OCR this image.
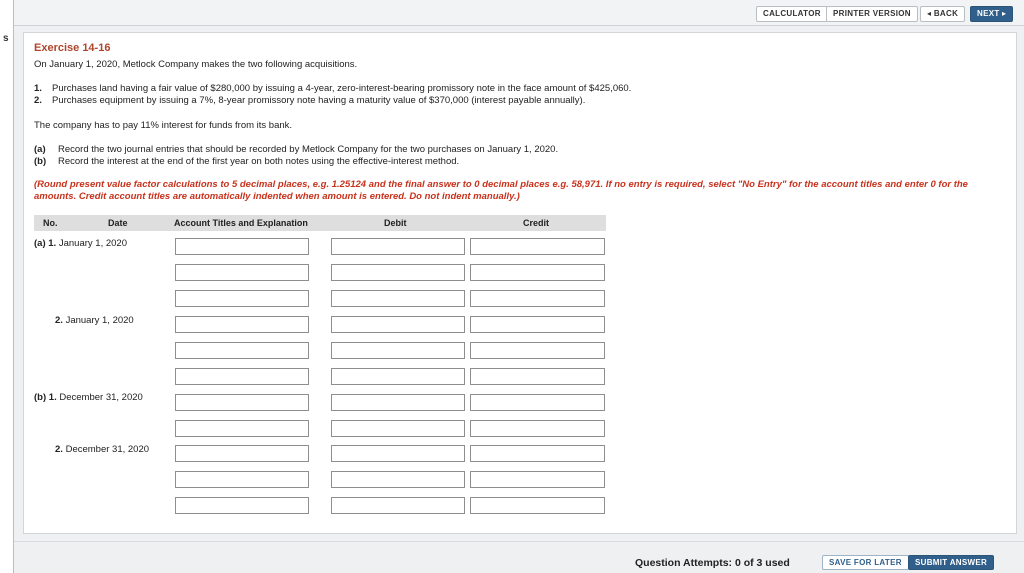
s
CALCULATOR	PRINTER VERSION	◂ BACK	NEXT ▸
Exercise 14-16
On January 1, 2020, Metlock Company makes the two following acquisitions.
1. Purchases land having a fair value of $280,000 by issuing a 4-year, zero-interest-bearing promissory note in the face amount of $425,060.
2. Purchases equipment by issuing a 7%, 8-year promissory note having a maturity value of $370,000 (interest payable annually).
The company has to pay 11% interest for funds from its bank.
(a) Record the two journal entries that should be recorded by Metlock Company for the two purchases on January 1, 2020.
(b) Record the interest at the end of the first year on both notes using the effective-interest method.
(Round present value factor calculations to 5 decimal places, e.g. 1.25124 and the final answer to 0 decimal places e.g. 58,971. If no entry is required, select "No Entry" for the account titles and enter 0 for the amounts. Credit account titles are automatically indented when amount is entered. Do not indent manually.)
No.	Date	Account Titles and Explanation	Debit	Credit
(a) 1. January 1, 2020
2. January 1, 2020
(b) 1. December 31, 2020
2. December 31, 2020
Question Attempts: 0 of 3 used	SAVE FOR LATER	SUBMIT ANSWER
